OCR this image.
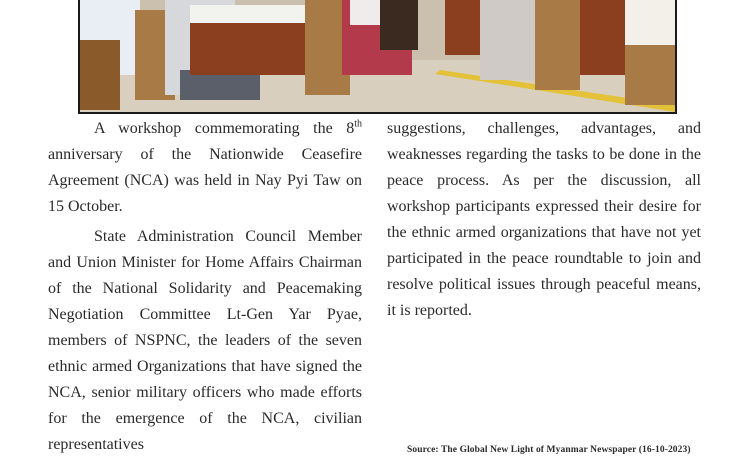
A workshop commemorating the 8th anniversary of the Nationwide Ceasefire Agreement (NCA) was held in Nay Pyi Taw on 15 October.

State Administration Council Member and Union Minister for Home Affairs Chairman of the National Solidarity and Peacemaking Negotiation Committee Lt-Gen Yar Pyae, members of NSPNC, the leaders of the seven ethnic armed Organizations that have signed the NCA, senior military officers who made efforts for the emergence of the NCA, civilian representatives

suggestions, challenges, advantages, and weaknesses regarding the tasks to be done in the peace process. As per the discussion, all workshop participants expressed their desire for the ethnic armed organizations that have not yet participated in the peace roundtable to join and resolve political issues through peaceful means, it is reported.

Source: The Global New Light of Myanmar Newspaper (16-10-2023)
